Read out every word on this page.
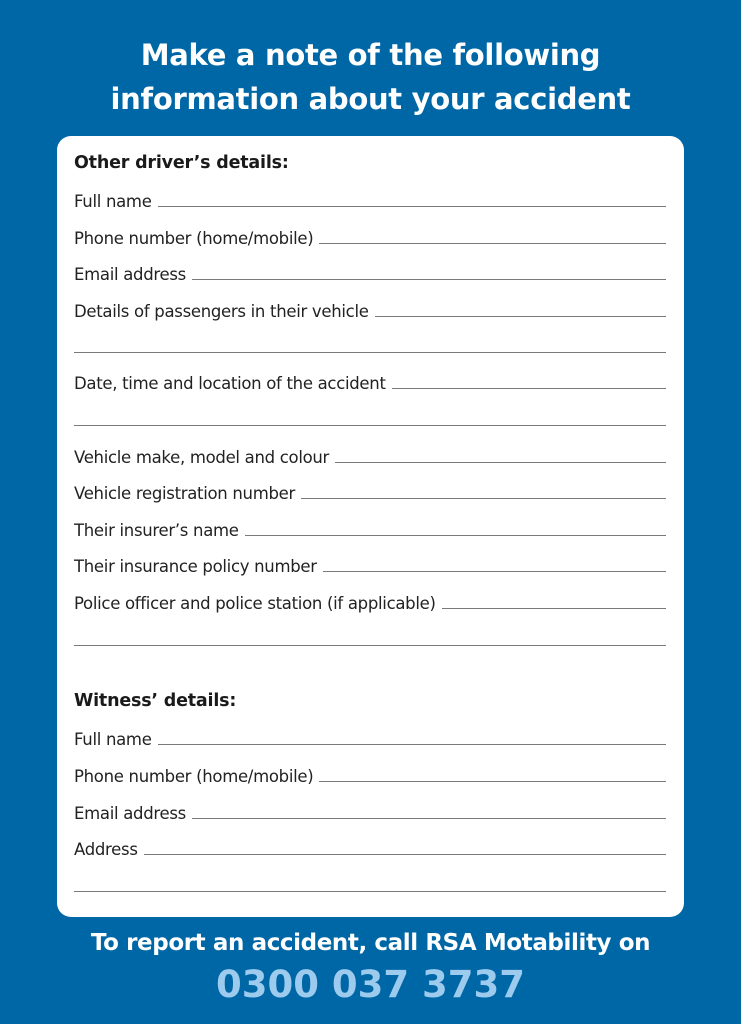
Make a note of the following
information about your accident
Other driver’s details:
Full name
Phone number (home/mobile)
Email address
Details of passengers in their vehicle
Date, time and location of the accident
Vehicle make, model and colour
Vehicle registration number
Their insurer’s name
Their insurance policy number
Police officer and police station (if applicable)
Witness’ details:
Full name
Phone number (home/mobile)
Email address
Address
To report an accident, call RSA Motability on
0300 037 3737
